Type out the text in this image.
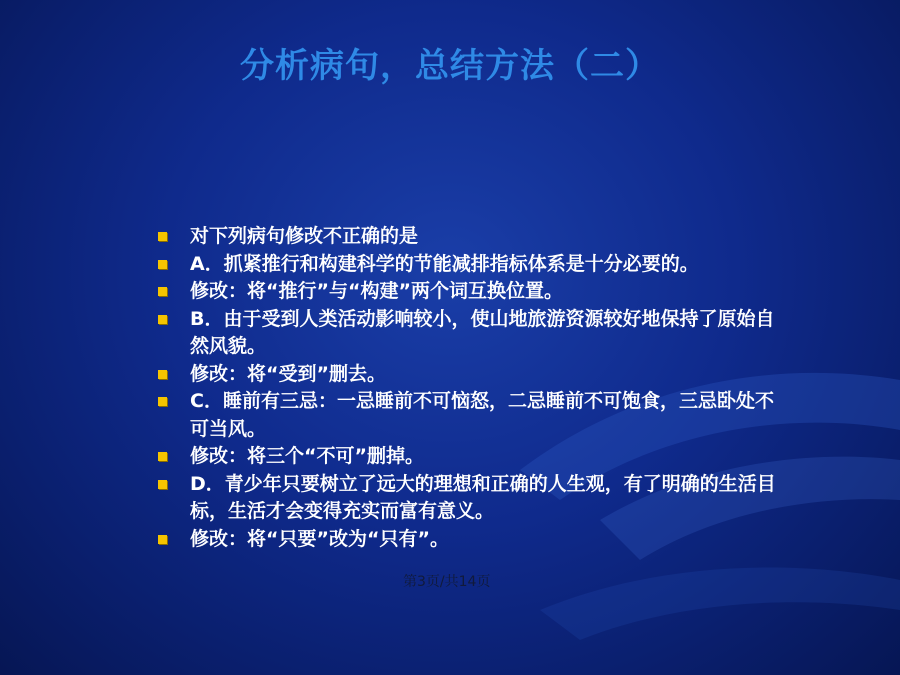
分析病句，总结方法（二）
对下列病句修改不正确的是
A．抓紧推行和构建科学的节能减排指标体系是十分必要的。
修改：将“推行”与“构建”两个词互换位置。
B．由于受到人类活动影响较小，使山地旅游资源较好地保持了原始自然风貌。
修改：将“受到”删去。
C．睡前有三忌：一忌睡前不可恼怒，二忌睡前不可饱食，三忌卧处不可当风。
修改：将三个“不可”删掉。
D．青少年只要树立了远大的理想和正确的人生观，有了明确的生活目标，生活才会变得充实而富有意义。
修改：将“只要”改为“只有”。
第3页/共14页
